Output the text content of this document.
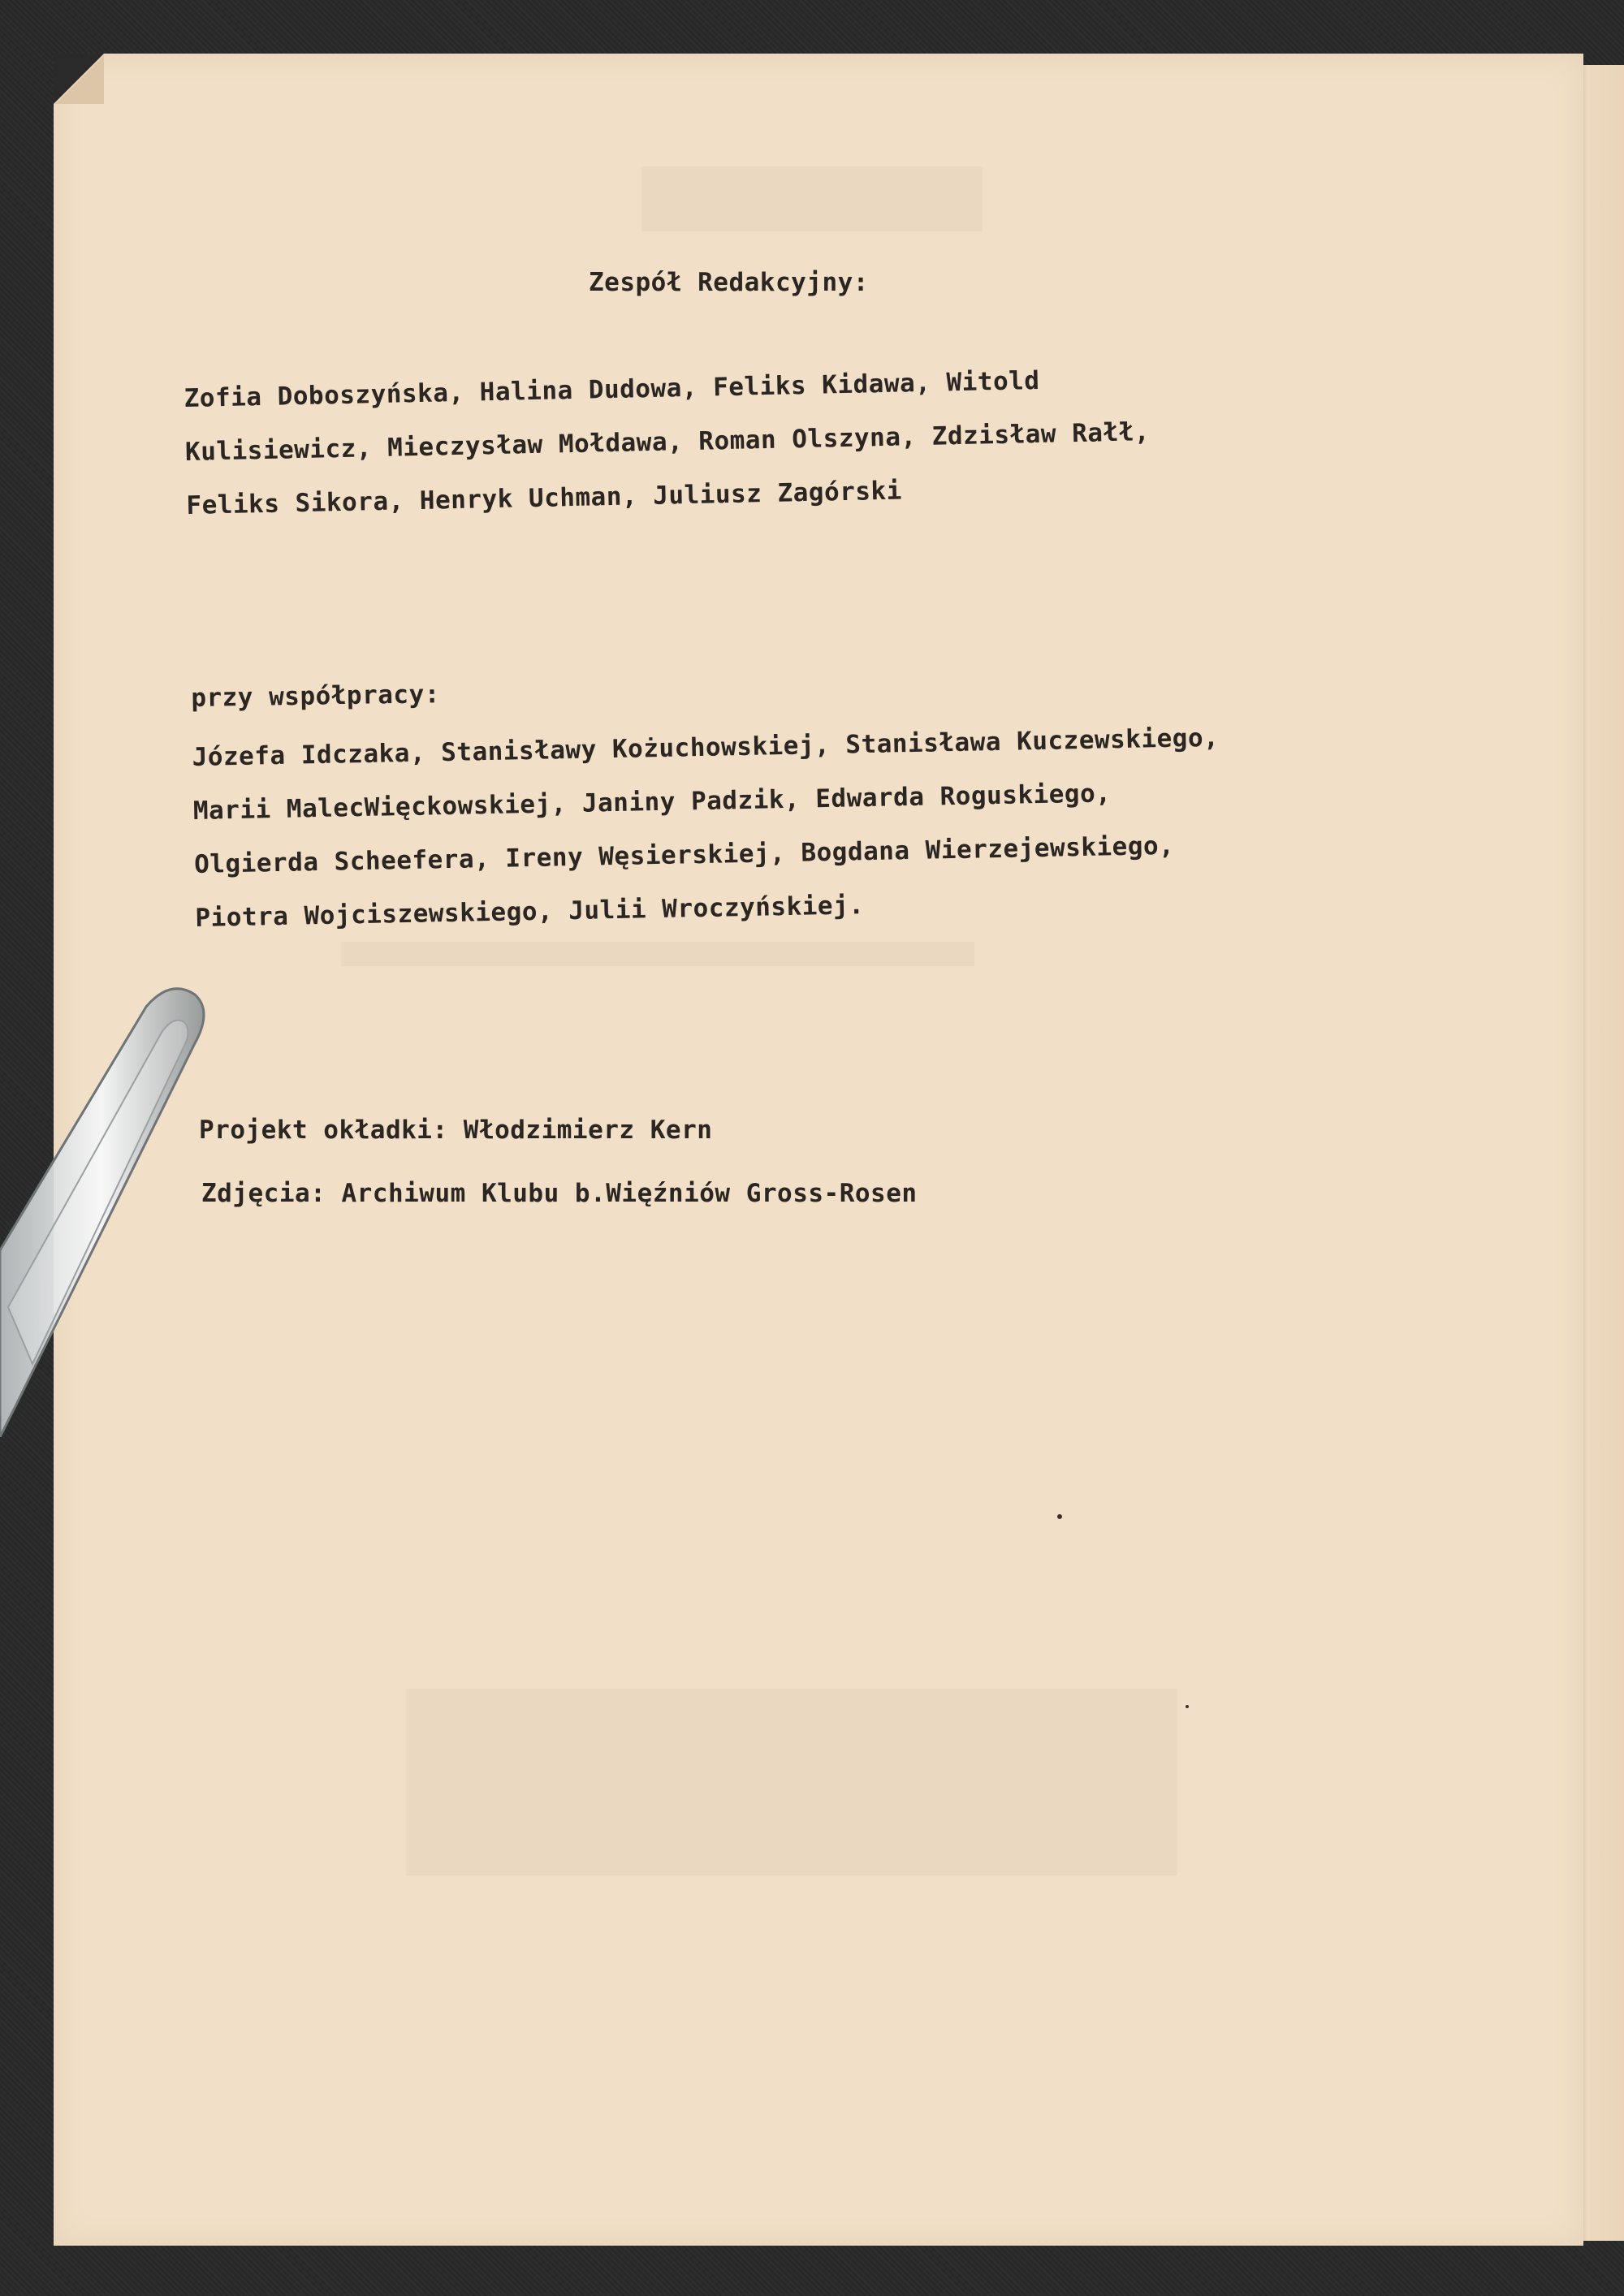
Zespół Redakcyjny:
Zofia Doboszyńska, Halina Dudowa, Feliks Kidawa, Witold
Kulisiewicz, Mieczysław Mołdawa, Roman Olszyna, Zdzisław Rałł,
Feliks Sikora, Henryk Uchman, Juliusz Zagórski
przy współpracy:
Józefa Idczaka, Stanisławy Kożuchowskiej, Stanisława Kuczewskiego,
Marii MalecWięckowskiej, Janiny Padzik, Edwarda Roguskiego,
Olgierda Scheefera, Ireny Węsierskiej, Bogdana Wierzejewskiego,
Piotra Wojciszewskiego, Julii Wroczyńskiej.
Projekt okładki: Włodzimierz Kern
Zdjęcia: Archiwum Klubu b.Więźniów Gross-Rosen
